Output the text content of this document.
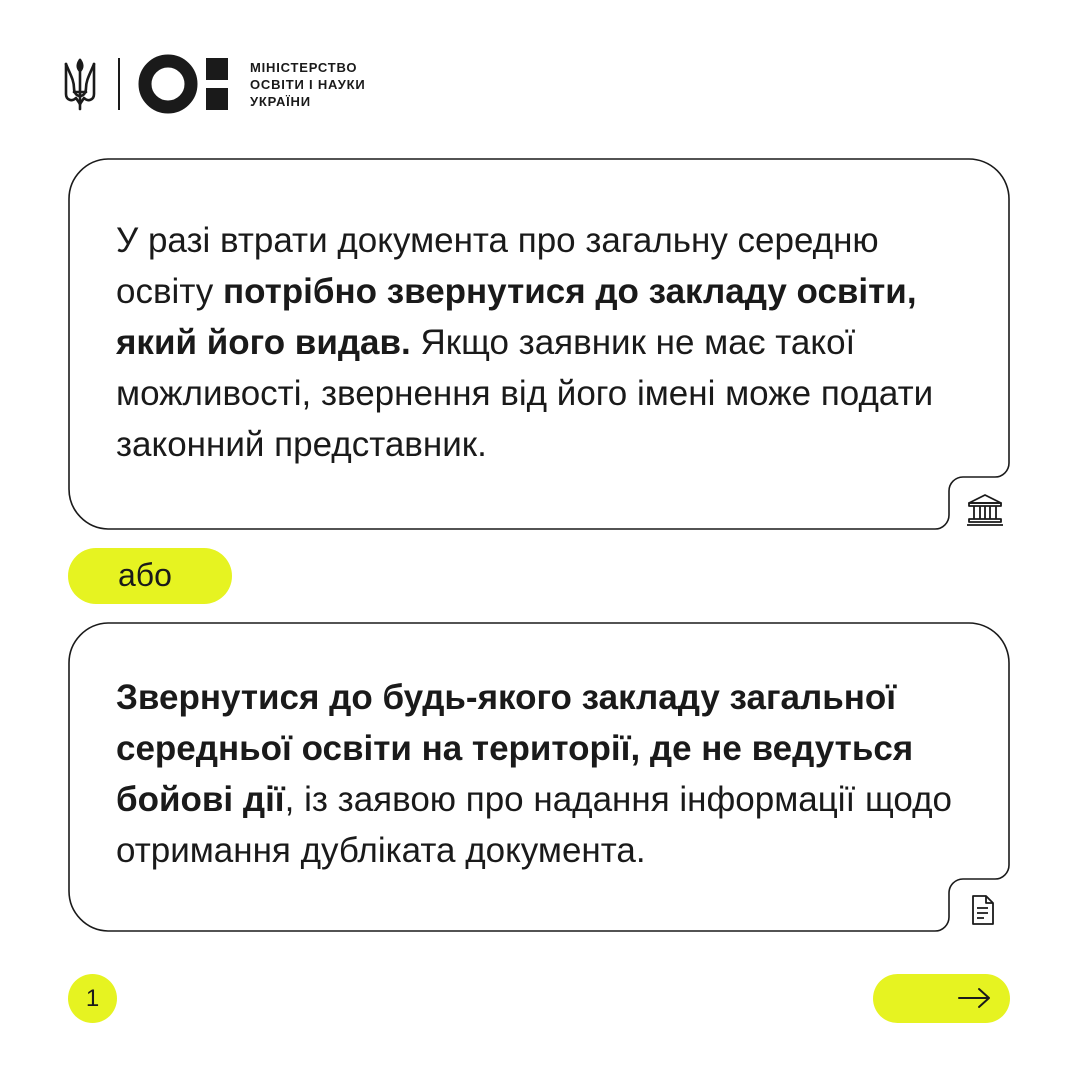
МІНІСТЕРСТВО
ОСВІТИ І НАУКИ
УКРАЇНИ
У разі втрати документа про загальну середню освіту потрібно звернутися до закладу освіти, який його видав. Якщо заявник не має такої можливості, звернення від його імені може подати законний представник.
або
Звернутися до будь-якого закладу загальної середньої освіти на території, де не ведуться бойові дії, із заявою про надання інформації щодо отримання дубліката документа.
1
